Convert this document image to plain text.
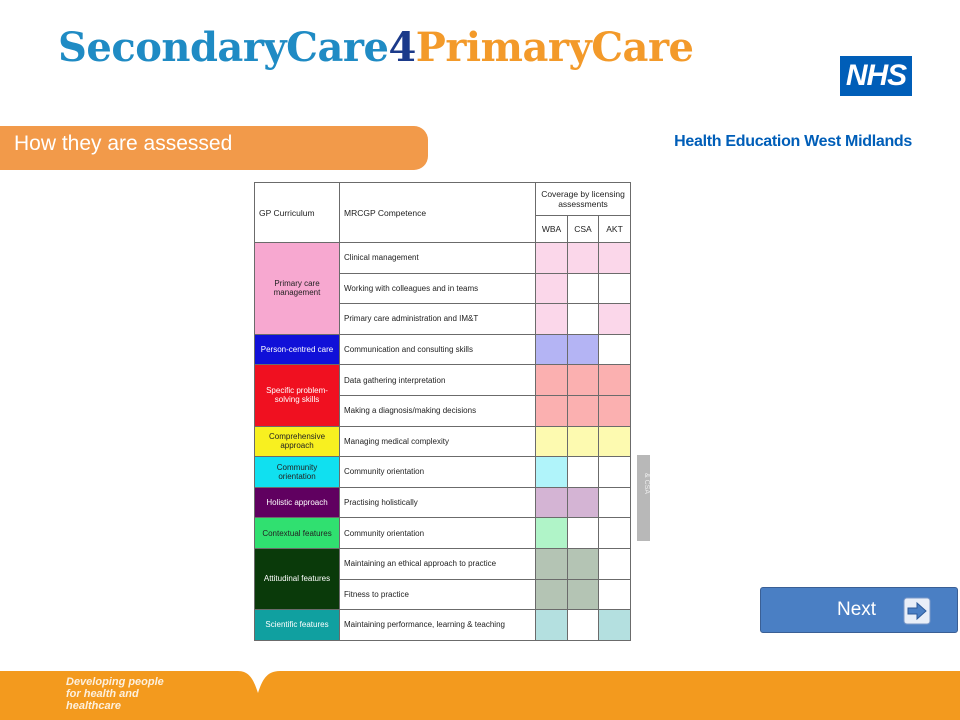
SecondaryCare4PrimaryCare
NHS
Health Education West Midlands
How they are assessed
GP Curriculum	MRCGP Competence	Coverage by licensing assessments		
		WBA	CSA	AKT
Primary care management	Clinical management			
	Working with colleagues and in teams			
	Primary care administration and IM&T			
Person-centred care	Communication and consulting skills			
Specific problem-solving skills	Data gathering interpretation			
	Making a diagnosis/making decisions			
Comprehensive approach	Managing medical complexity			
Community orientation	Community orientation			
Holistic approach	Practising holistically			
Contextual features	Community orientation			
Attitudinal features	Maintaining an ethical approach to practice			
	Fitness to practice			
Scientific features	Maintaining performance, learning & teaching			
& CSA
Next
Developing people
for health and
healthcare
